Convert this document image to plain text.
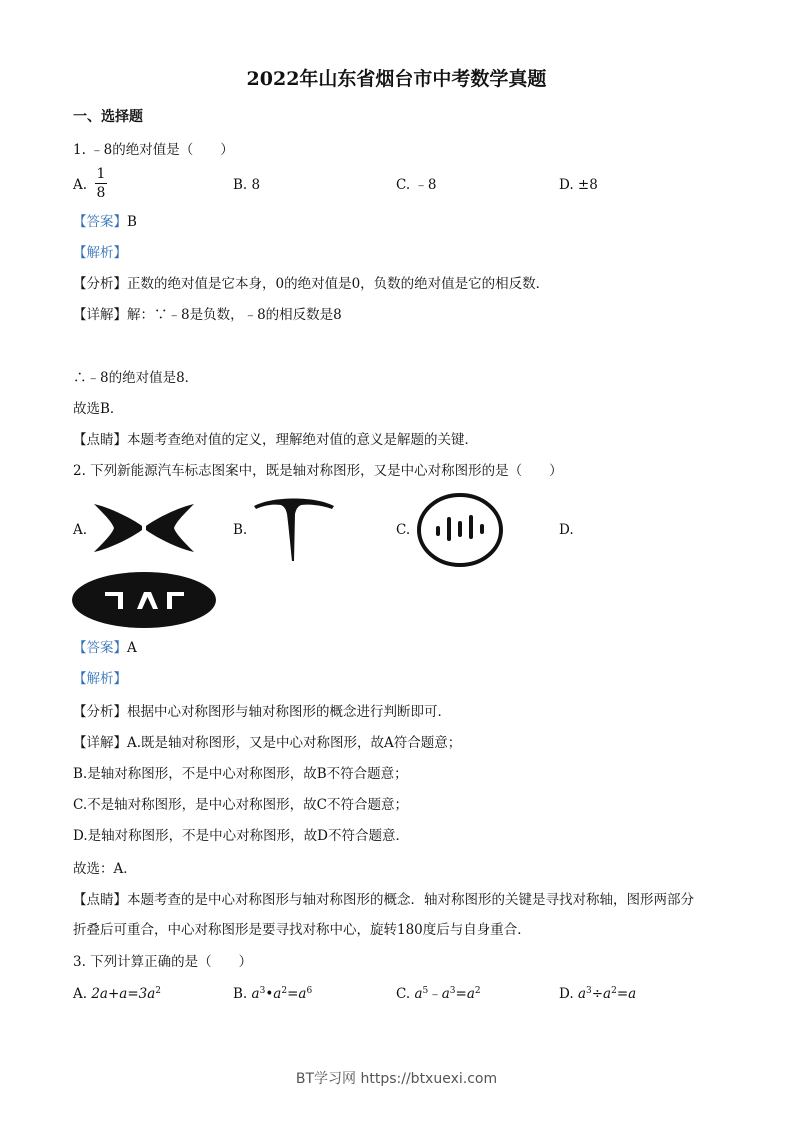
2022年山东省烟台市中考数学真题
一、选择题
1. ﹣8的绝对值是（　　）
A.
1
8	B. 8	C. ﹣8	D. ±8
【答案】B
【解析】
【分析】正数的绝对值是它本身，0的绝对值是0，负数的绝对值是它的相反数．
【详解】解：∵﹣8是负数，﹣8的相反数是8
∴﹣8的绝对值是8．
故选B．
【点睛】本题考查绝对值的定义，理解绝对值的意义是解题的关键．
2. 下列新能源汽车标志图案中，既是轴对称图形，又是中心对称图形的是（　　）
A.	B.	C.	D.
【答案】A
【解析】
【分析】根据中心对称图形与轴对称图形的概念进行判断即可．
【详解】A.既是轴对称图形，又是中心对称图形，故A符合题意；
B.是轴对称图形，不是中心对称图形，故B不符合题意；
C.不是轴对称图形，是中心对称图形，故C不符合题意；
D.是轴对称图形，不是中心对称图形，故D不符合题意．
故选：A．
【点睛】本题考查的是中心对称图形与轴对称图形的概念．轴对称图形的关键是寻找对称轴，图形两部分
折叠后可重合，中心对称图形是要寻找对称中心，旋转180度后与自身重合．
3. 下列计算正确的是（　　）
A. $2a+a=3a^2$	B. $a^3•a^2=a^6$	C. $a^5﹣a^3=a^2$	D. $a^3\div a^2=a$
BT学习网 https://btxuexi.com
